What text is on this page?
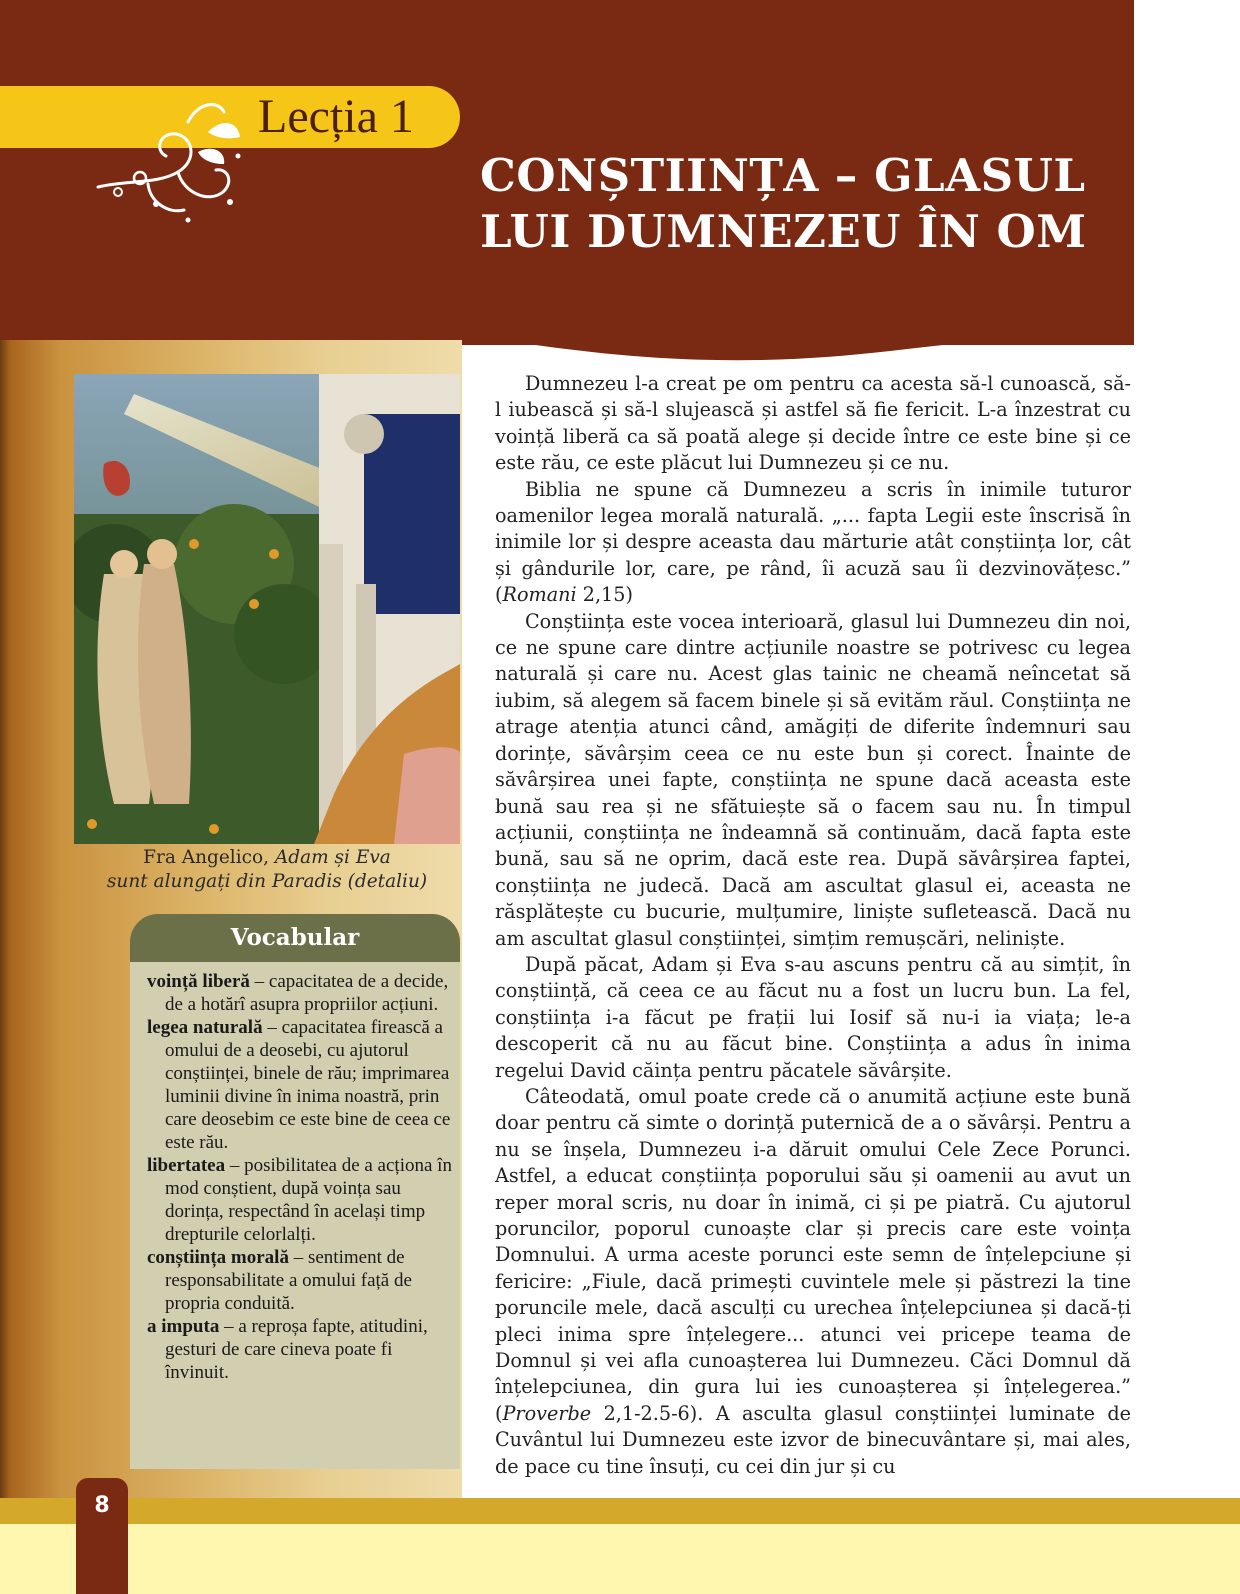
Lecția 1
CONȘTIINȚA – GLASUL
LUI DUMNEZEU ÎN OM
Fra Angelico, Adam și Eva
sunt alungați din Paradis (detaliu)
Vocabular
voință liberă – capacitatea de a decide, de a hotărî asupra propriilor acțiuni.
legea naturală – capacitatea firească a omului de a deosebi, cu ajutorul conștiinței, binele de rău; imprimarea luminii divine în inima noastră, prin care deosebim ce este bine de ceea ce este rău.
libertatea – posibilitatea de a acționa în mod conștient, după voința sau dorința, respectând în același timp drepturile celorlalți.
conștiința morală – sentiment de responsabilitate a omului față de propria conduită.
a imputa – a reproșa fapte, atitudini, gesturi de care cineva poate fi învinuit.

Dumnezeu l-a creat pe om pentru ca acesta să-l cunoască, să-l iubească și să-l slujească și astfel să fie fericit. L-a înzestrat cu voință liberă ca să poată alege și decide între ce este bine și ce este rău, ce este plăcut lui Dumnezeu și ce nu.

Biblia ne spune că Dumnezeu a scris în inimile tuturor oamenilor legea morală naturală. „... fapta Legii este înscrisă în inimile lor și despre aceasta dau mărturie atât conștiința lor, cât și gândurile lor, care, pe rând, îi acuză sau îi dezvinovățesc.” (Romani 2,15)

Conștiința este vocea interioară, glasul lui Dumnezeu din noi, ce ne spune care dintre acțiunile noastre se potrivesc cu legea naturală și care nu. Acest glas tainic ne cheamă neîncetat să iubim, să alegem să facem binele și să evităm răul. Conștiința ne atrage atenția atunci când, amăgiți de diferite îndemnuri sau dorințe, săvârșim ceea ce nu este bun și corect. Înainte de săvârșirea unei fapte, conștiința ne spune dacă aceasta este bună sau rea și ne sfătuiește să o facem sau nu. În timpul acțiunii, conștiința ne îndeamnă să continuăm, dacă fapta este bună, sau să ne oprim, dacă este rea. După săvârșirea faptei, conștiința ne judecă. Dacă am ascultat glasul ei, aceasta ne răsplătește cu bucurie, mulțumire, liniște sufletească. Dacă nu am ascultat glasul conștiinței, simțim remușcări, neliniște.

După păcat, Adam și Eva s-au ascuns pentru că au simțit, în conștiință, că ceea ce au făcut nu a fost un lucru bun. La fel, conștiința i-a făcut pe frații lui Iosif să nu-i ia viața; le-a descoperit că nu au făcut bine. Conștiința a adus în inima regelui David căința pentru păcatele săvârșite.

Câteodată, omul poate crede că o anumită acțiune este bună doar pentru că simte o dorință puternică de a o săvârși. Pentru a nu se înșela, Dumnezeu i-a dăruit omului Cele Zece Porunci. Astfel, a educat conștiința poporului său și oamenii au avut un reper moral scris, nu doar în inimă, ci și pe piatră. Cu ajutorul poruncilor, poporul cunoaște clar și precis care este voința Domnului. A urma aceste porunci este semn de înțelepciune și fericire: „Fiule, dacă primești cuvintele mele și păstrezi la tine poruncile mele, dacă asculți cu urechea înțelepciunea și dacă-ți pleci inima spre înțelegere... atunci vei pricepe teama de Domnul și vei afla cunoașterea lui Dumnezeu. Căci Domnul dă înțelepciunea, din gura lui ies cunoașterea și înțelegerea.” (Proverbe 2,1-2.5-6). A asculta glasul conștiinței luminate de Cuvântul lui Dumnezeu este izvor de binecuvântare și, mai ales, de pace cu tine însuți, cu cei din jur și cu

8
